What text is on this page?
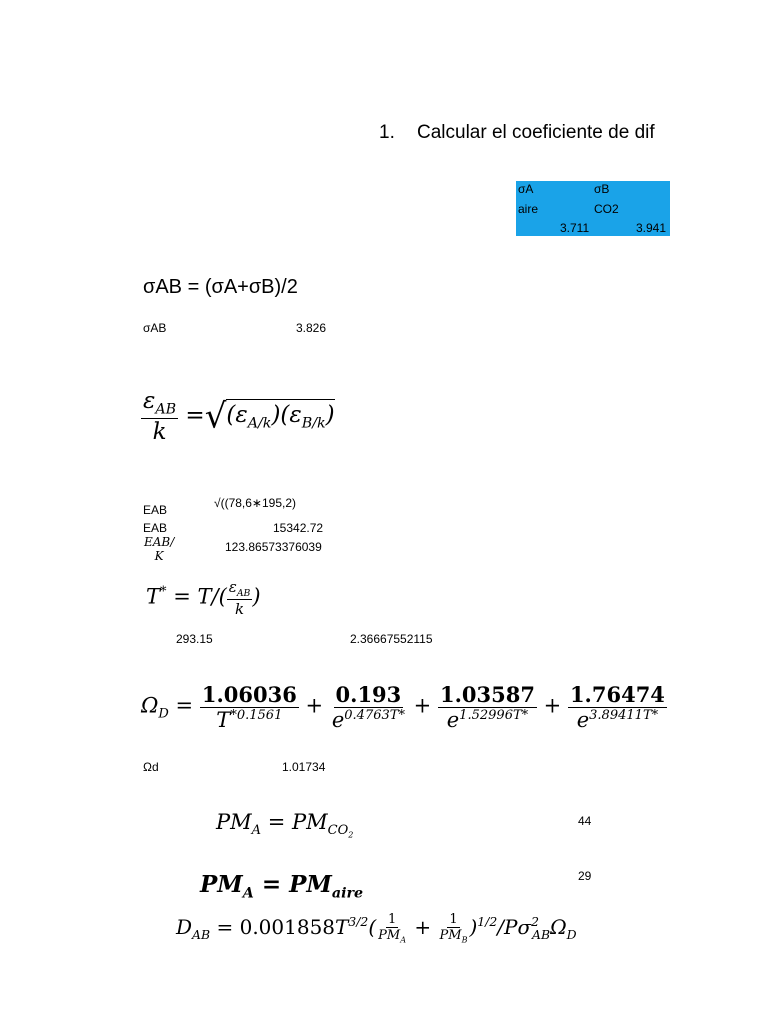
1. Calcular el coeficiente de dif
σA	σB
aire	CO2
3.711	3.941
σAB = (σA+σB)/2
σAB	3.826
$\frac{\varepsilon_{AB}}{k} =√(\varepsilon_{A/k})(\varepsilon_{B/k})$
EAB	√((78,6∗195,2)
EAB	15342.72
EAB/
K
123.86573376039
$T^* = T/( \frac{\varepsilon_{AB}}{k}$ )
293.15	2.36667552115
$\Omega_D = \frac{1.06036}{T^{*0.1561}} + \frac{0.193}{e^{0.4763T*}} + \frac{1.03587}{e^{1.52996T*}} + \frac{1.76474}{e^{3.89411T*}}$
Ωd	1.01734
$PM_A = PM_{CO_2}$
44
$PM_A = PM_{aire}$
29
$D_{AB} = 0.001858T^{3/2}( \frac{1}{PM_A} + \frac{1}{PM_B} )^{1/2}/P\sigma^2_{AB}\Omega_D$
